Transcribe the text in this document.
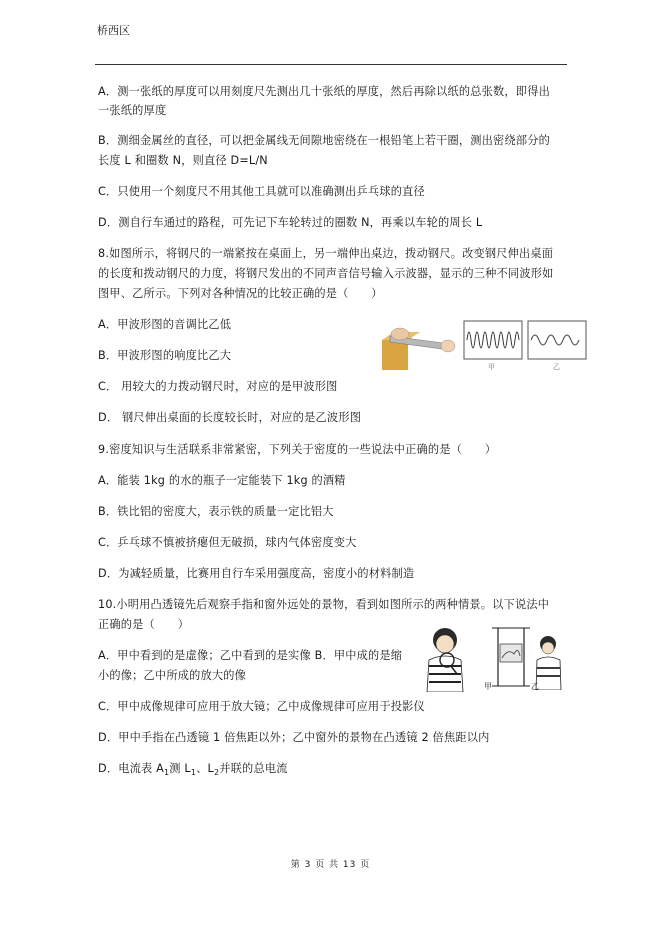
桥西区
A．测一张纸的厚度可以用刻度尺先测出几十张纸的厚度，然后再除以纸的总张数，即得出
一张纸的厚度
B．测细金属丝的直径，可以把金属线无间隙地密绕在一根铅笔上若干圈，测出密绕部分的
长度 L 和圈数 N，则直径 D=L/N
C．只使用一个刻度尺不用其他工具就可以准确测出乒乓球的直径
D．测自行车通过的路程，可先记下车轮转过的圈数 N，再乘以车轮的周长 L
8.如图所示，将钢尺的一端紧按在桌面上，另一端伸出桌边，拨动钢尺。改变钢尺伸出桌面
的长度和拨动钢尺的力度，将钢尺发出的不同声音信号输入示波器，显示的三种不同波形如
图甲、乙所示。下列对各种情况的比较正确的是（　　）
A．甲波形图的音调比乙低
B．甲波形图的响度比乙大
C． 用较大的力拨动钢尺时，对应的是甲波形图
D． 钢尺伸出桌面的长度较长时，对应的是乙波形图
甲	乙
9.密度知识与生活联系非常紧密，下列关于密度的一些说法中正确的是（　　）
A．能装 1kg 的水的瓶子一定能装下 1kg 的酒精
B．铁比铝的密度大，表示铁的质量一定比铝大
C．乒乓球不慎被挤瘪但无破损，球内气体密度变大
D．为减轻质量，比赛用自行车采用强度高，密度小的材料制造
10.小明用凸透镜先后观察手指和窗外远处的景物，看到如图所示的两种情景。以下说法中
正确的是（　　）
A．甲中看到的是虚像；乙中看到的是实像 B．甲中成的是缩
小的像；乙中所成的放大的像
C．甲中成像规律可应用于放大镜；乙中成像规律可应用于投影仪
D．甲中手指在凸透镜 1 倍焦距以外；乙中窗外的景物在凸透镜 2 倍焦距以内
D．电流表 $A_1$测 $L_1$、$L_2$并联的总电流
甲	乙
第 3 页 共 13 页
